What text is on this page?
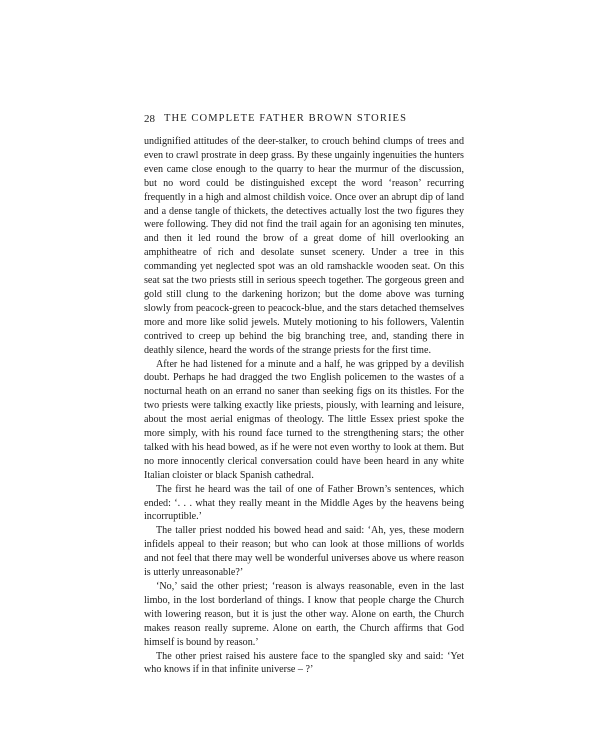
28 THE COMPLETE FATHER BROWN STORIES

undignified attitudes of the deer-stalker, to crouch behind clumps of trees and even to crawl prostrate in deep grass. By these ungainly ingenuities the hunters even came close enough to the quarry to hear the murmur of the discussion, but no word could be distinguished except the word ‘reason’ recurring frequently in a high and almost childish voice. Once over an abrupt dip of land and a dense tangle of thickets, the detectives actually lost the two figures they were following. They did not find the trail again for an agonising ten minutes, and then it led round the brow of a great dome of hill overlooking an amphitheatre of rich and desolate sunset scenery. Under a tree in this commanding yet neglected spot was an old ramshackle wooden seat. On this seat sat the two priests still in serious speech together. The gorgeous green and gold still clung to the darkening horizon; but the dome above was turning slowly from peacock-green to peacock-blue, and the stars detached themselves more and more like solid jewels. Mutely motioning to his followers, Valentin contrived to creep up behind the big branching tree, and, standing there in deathly silence, heard the words of the strange priests for the first time.

After he had listened for a minute and a half, he was gripped by a devilish doubt. Perhaps he had dragged the two English policemen to the wastes of a nocturnal heath on an errand no saner than seeking figs on its thistles. For the two priests were talking exactly like priests, piously, with learning and leisure, about the most aerial enigmas of theology. The little Essex priest spoke the more simply, with his round face turned to the strengthening stars; the other talked with his head bowed, as if he were not even worthy to look at them. But no more innocently clerical conversation could have been heard in any white Italian cloister or black Spanish cathedral.

The first he heard was the tail of one of Father Brown’s sentences, which ended: ‘. . . what they really meant in the Middle Ages by the heavens being incorruptible.’

The taller priest nodded his bowed head and said: ‘Ah, yes, these modern infidels appeal to their reason; but who can look at those millions of worlds and not feel that there may well be wonderful universes above us where reason is utterly unreasonable?’

‘No,’ said the other priest; ‘reason is always reasonable, even in the last limbo, in the lost borderland of things. I know that people charge the Church with lowering reason, but it is just the other way. Alone on earth, the Church makes reason really supreme. Alone on earth, the Church affirms that God himself is bound by reason.’

The other priest raised his austere face to the spangled sky and said: ‘Yet who knows if in that infinite universe – ?’
